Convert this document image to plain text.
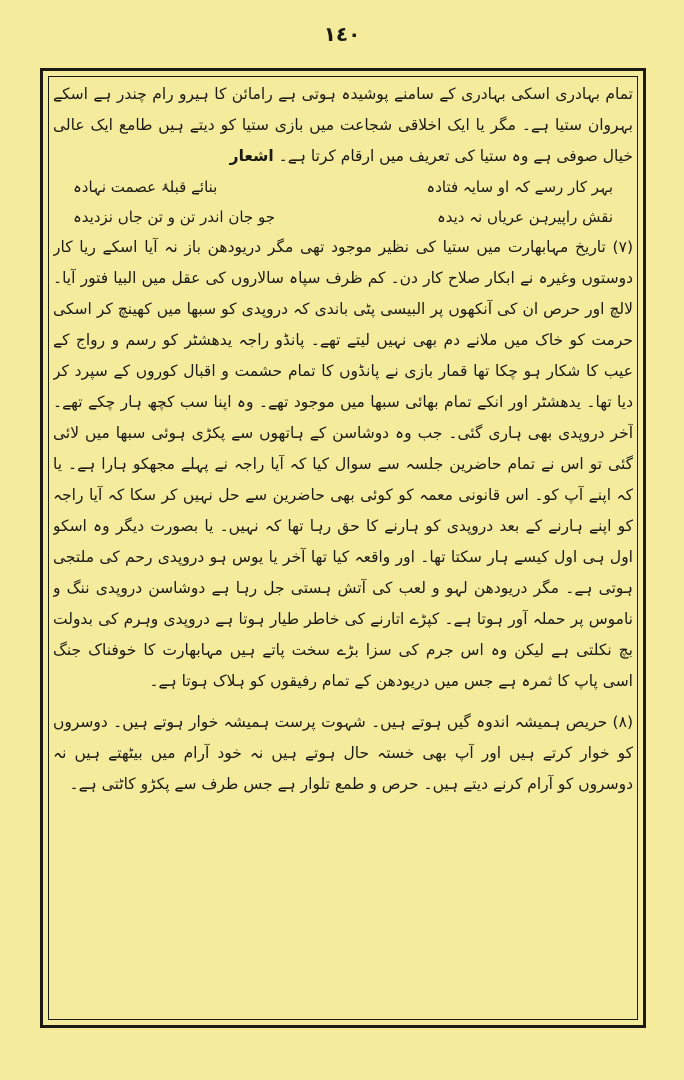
١٤٠

تمام بہادری اسکی بہادری کے سامنے پوشیدہ ہوتی ہے رامائن کا ہیرو رام چندر ہے اسکے بہروان ستیا ہے۔ مگر یا ایک اخلاقی شجاعت میں بازی ستیا کو دیتے ہیں طامع ایک عالی خیال صوفی ہے وہ ستیا کی تعریف میں ارقام کرتا ہے۔ اشعار

بہر کار رسے کہ او سایہ فتادہ
بنائے قبلۂ عصمت نہادہ
نقش راپیرہن عریاں نہ دیدہ
جو جان اندر تن و تن جاں نزدیدہ

(۷) تاریخ مہابھارت میں ستیا کی نظیر موجود تھی مگر دریودھن باز نہ آیا اسکے ریا کار دوستوں وغیرہ نے ابکار صلاح کار دن۔ کم ظرف سپاہ سالاروں کی عقل میں البیا فتور آیا۔ لالچ اور حرص ان کی آنکھوں پر البیسی پٹی باندی کہ دروپدی کو سبھا میں کھینچ کر اسکی حرمت کو خاک میں ملانے دم بھی نہیں لیتے تھے۔ پانڈو راجہ یدھشٹر کو رسم و رواج کے عیب کا شکار ہو چکا تھا قمار بازی نے پانڈوں کا تمام حشمت و اقبال کوروں کے سپرد کر دیا تھا۔ یدھشٹر اور انکے تمام بھائی سبھا میں موجود تھے۔ وہ اپنا سب کچھ ہار چکے تھے۔ آخر دروپدی بھی ہاری گئی۔ جب وہ دوشاسن کے ہاتھوں سے پکڑی ہوئی سبھا میں لائی گئی تو اس نے تمام حاضرین جلسہ سے سوال کیا کہ آیا راجہ نے پہلے مجھکو ہارا ہے۔ یا کہ اپنے آپ کو۔ اس قانونی معمہ کو کوئی بھی حاضرین سے حل نہیں کر سکا کہ آیا راجہ کو اپنے ہارنے کے بعد دروپدی کو ہارنے کا حق رہا تھا کہ نہیں۔ یا بصورت دیگر وہ اسکو اول ہی اول کیسے ہار سکتا تھا۔ اور واقعہ کیا تھا آخر یا یوس ہو دروپدی رحم کی ملتجی ہوتی ہے۔ مگر دریودھن لہو و لعب کی آتش ہستی جل رہا ہے دوشاسن دروپدی ننگ و ناموس پر حملہ آور ہوتا ہے۔ کپڑے اتارنے کی خاطر طیار ہوتا ہے دروپدی وہرم کی بدولت بچ نکلتی ہے لیکن وہ اس جرم کی سزا بڑے سخت پاتے ہیں مہابھارت کا خوفناک جنگ اسی پاپ کا ثمرہ ہے جس میں دریودھن کے تمام رفیقوں کو ہلاک ہوتا ہے۔

(۸) حریص ہمیشہ اندوہ گیں ہوتے ہیں۔ شہوت پرست ہمیشہ خوار ہوتے ہیں۔ دوسروں کو خوار کرتے ہیں اور آپ بھی خستہ حال ہوتے ہیں نہ خود آرام میں بیٹھتے ہیں نہ دوسروں کو آرام کرنے دیتے ہیں۔ حرص و طمع تلوار ہے جس طرف سے پکڑو کاٹتی ہے۔
